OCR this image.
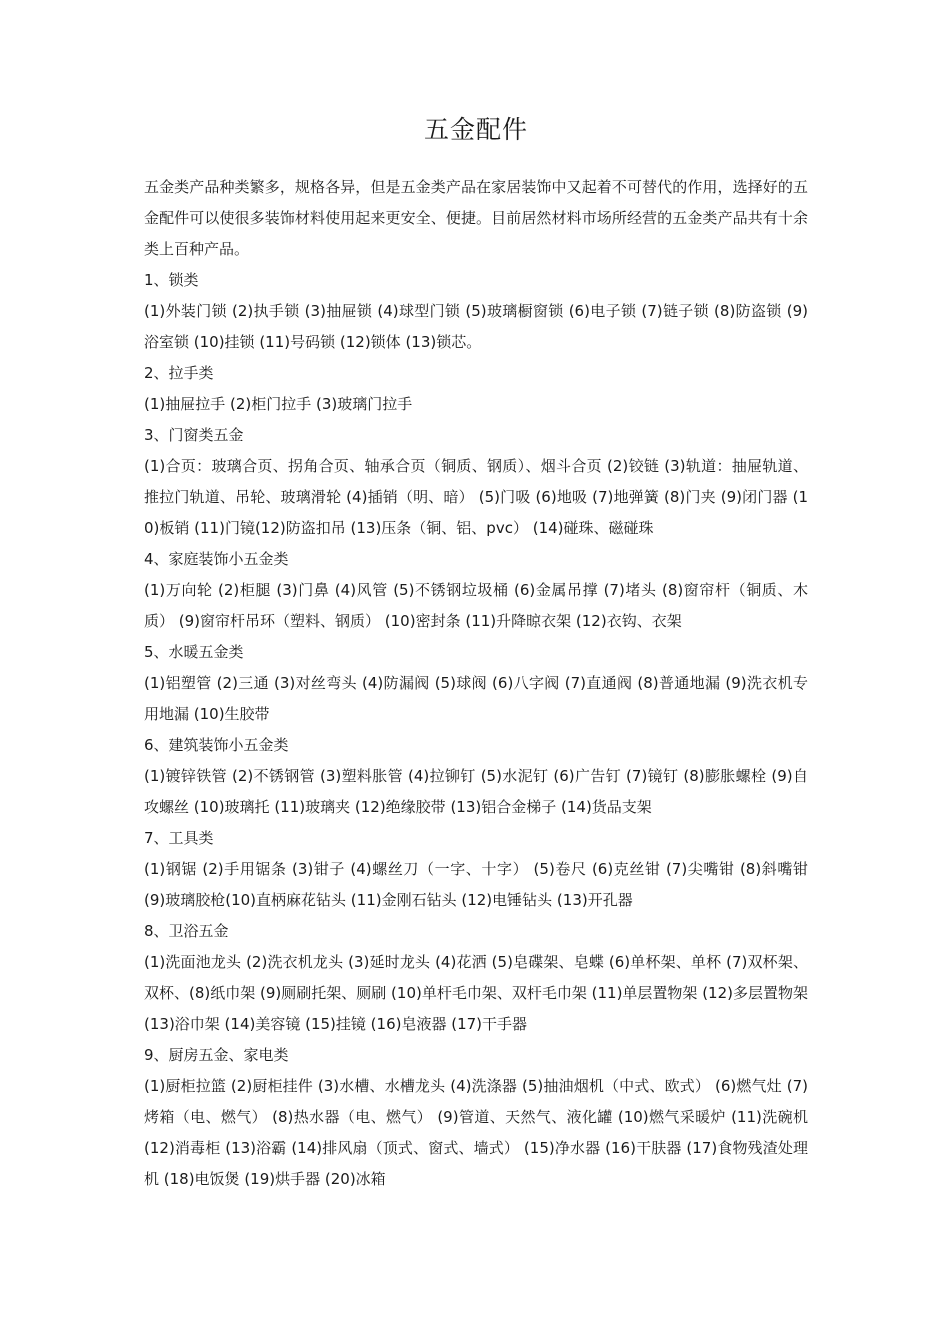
五金配件

五金类产品种类繁多，规格各异，但是五金类产品在家居装饰中又起着不可替代的作用，选择好的五金配件可以使很多装饰材料使用起来更安全、便捷。目前居然材料市场所经营的五金类产品共有十余类上百种产品。

1、锁类

(1)外装门锁 (2)执手锁 (3)抽屉锁 (4)球型门锁 (5)玻璃橱窗锁 (6)电子锁 (7)链子锁 (8)防盗锁 (9)浴室锁 (10)挂锁 (11)号码锁 (12)锁体 (13)锁芯。

2、拉手类

(1)抽屉拉手 (2)柜门拉手 (3)玻璃门拉手

3、门窗类五金

(1)合页：玻璃合页、拐角合页、轴承合页（铜质、钢质）、烟斗合页 (2)铰链 (3)轨道：抽屉轨道、推拉门轨道、吊轮、玻璃滑轮 (4)插销（明、暗） (5)门吸 (6)地吸 (7)地弹簧 (8)门夹 (9)闭门器 (10)板销 (11)门镜(12)防盗扣吊 (13)压条（铜、铝、pvc） (14)碰珠、磁碰珠

4、家庭装饰小五金类

(1)万向轮 (2)柜腿 (3)门鼻 (4)风管 (5)不锈钢垃圾桶 (6)金属吊撑 (7)堵头 (8)窗帘杆（铜质、木质） (9)窗帘杆吊环（塑料、钢质） (10)密封条 (11)升降晾衣架 (12)衣钩、衣架

5、水暖五金类

(1)铝塑管 (2)三通 (3)对丝弯头 (4)防漏阀 (5)球阀 (6)八字阀 (7)直通阀 (8)普通地漏 (9)洗衣机专用地漏 (10)生胶带

6、建筑装饰小五金类

(1)镀锌铁管 (2)不锈钢管 (3)塑料胀管 (4)拉铆钉 (5)水泥钉 (6)广告钉 (7)镜钉 (8)膨胀螺栓 (9)自攻螺丝 (10)玻璃托 (11)玻璃夹 (12)绝缘胶带 (13)铝合金梯子 (14)货品支架

7、工具类

(1)钢锯 (2)手用锯条 (3)钳子 (4)螺丝刀（一字、十字） (5)卷尺 (6)克丝钳 (7)尖嘴钳 (8)斜嘴钳 (9)玻璃胶枪(10)直柄麻花钻头 (11)金刚石钻头 (12)电锤钻头 (13)开孔器

8、卫浴五金

(1)洗面池龙头 (2)洗衣机龙头 (3)延时龙头 (4)花洒 (5)皂碟架、皂蝶 (6)单杯架、单杯 (7)双杯架、双杯、(8)纸巾架 (9)厕刷托架、厕刷 (10)单杆毛巾架、双杆毛巾架 (11)单层置物架 (12)多层置物架 (13)浴巾架 (14)美容镜 (15)挂镜 (16)皂液器 (17)干手器

9、厨房五金、家电类

(1)厨柜拉篮 (2)厨柜挂件 (3)水槽、水槽龙头 (4)洗涤器 (5)抽油烟机（中式、欧式） (6)燃气灶 (7)烤箱（电、燃气） (8)热水器（电、燃气） (9)管道、天然气、液化罐 (10)燃气采暖炉 (11)洗碗机 (12)消毒柜 (13)浴霸 (14)排风扇（顶式、窗式、墙式） (15)净水器 (16)干肤器 (17)食物残渣处理机 (18)电饭煲 (19)烘手器 (20)冰箱
